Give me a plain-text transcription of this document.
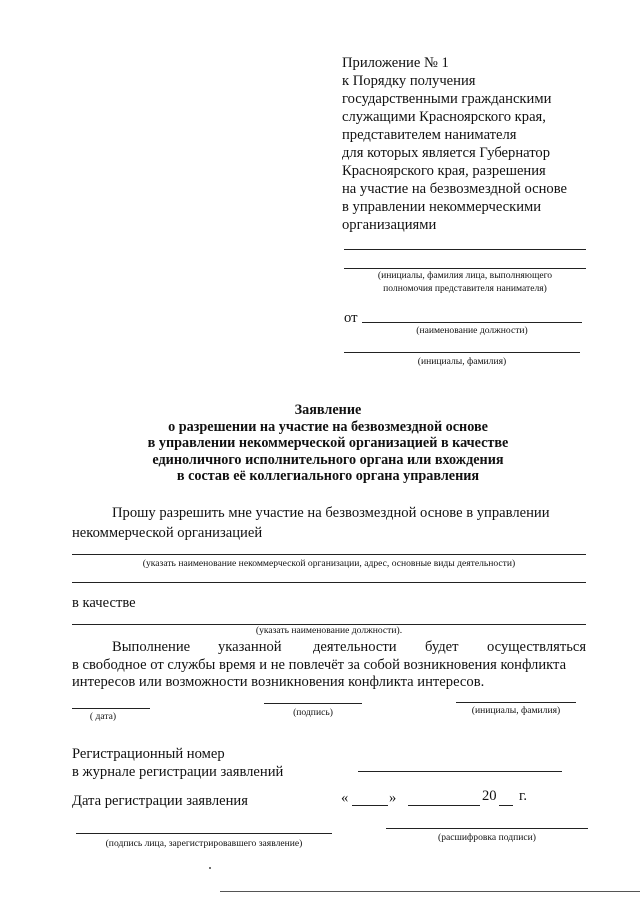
Приложение № 1
к Порядку получения
государственными гражданскими
служащими Красноярского края,
представителем нанимателя
для которых является Губернатор
Красноярского края, разрешения
на участие на безвозмездной основе
в управлении некоммерческими
организациями
(инициалы, фамилия лица, выполняющего
полномочия представителя нанимателя)
от
(наименование должности)
(инициалы, фамилия)
Заявление
о разрешении на участие на безвозмездной основе
в управлении некоммерческой организацией в качестве
единоличного исполнительного органа или вхождения
в состав её коллегиального органа управления
Прошу разрешить мне участие на безвозмездной основе в управлении
некоммерческой организацией
(указать наименование некоммерческой организации, адрес, основные виды деятельности)
в качестве
(указать наименование должности).
Выполнение указанной деятельности будет осуществляться
в свободное от службы время и не повлечёт за собой возникновения конфликта
интересов или возможности возникновения конфликта интересов.
( дата)	(подпись)	(инициалы, фамилия)
Регистрационный номер
в журнале регистрации заявлений
Дата регистрации заявления	«	»	20 г.
(подпись лица, зарегистрировавшего заявление)
(расшифровка подписи)
